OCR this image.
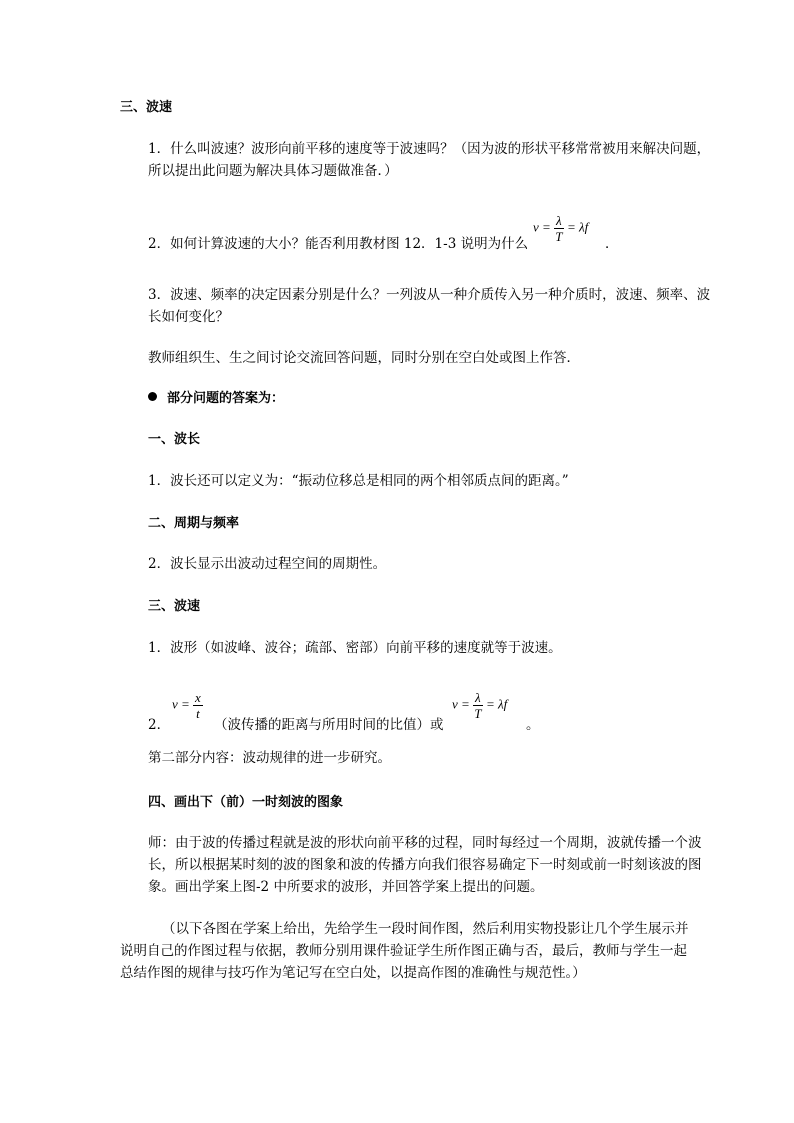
三、波速
1．什么叫波速？波形向前平移的速度等于波速吗？（因为波的形状平移常常被用来解决问题，所以提出此问题为解决具体习题做准备．）
2．如何计算波速的大小？能否利用教材图 12．1-3 说明为什么
$v = \frac{\lambda}{T} = \lambda f$
．
3．波速、频率的决定因素分别是什么？一列波从一种介质传入另一种介质时，波速、频率、波长如何变化？
教师组织生、生之间讨论交流回答问题，同时分别在空白处或图上作答．
部分问题的答案为：
一、波长
1．波长还可以定义为：“振动位移总是相同的两个相邻质点间的距离。”
二、周期与频率
2．波长显示出波动过程空间的周期性。
三、波速
1．波形（如波峰、波谷；疏部、密部）向前平移的速度就等于波速。
2．
$v = \frac{x}{t}$
（波传播的距离与所用时间的比值）或
$v = \frac{\lambda}{T} = \lambda f$
。
第二部分内容：波动规律的进一步研究。
四、画出下（前）一时刻波的图象
师：由于波的传播过程就是波的形状向前平移的过程，同时每经过一个周期，波就传播一个波长，所以根据某时刻的波的图象和波的传播方向我们很容易确定下一时刻或前一时刻该波的图象。画出学案上图-2 中所要求的波形，并回答学案上提出的问题。
（以下各图在学案上给出，先给学生一段时间作图，然后利用实物投影让几个学生展示并说明自己的作图过程与依据，教师分别用课件验证学生所作图正确与否，最后，教师与学生一起总结作图的规律与技巧作为笔记写在空白处，以提高作图的准确性与规范性。）
